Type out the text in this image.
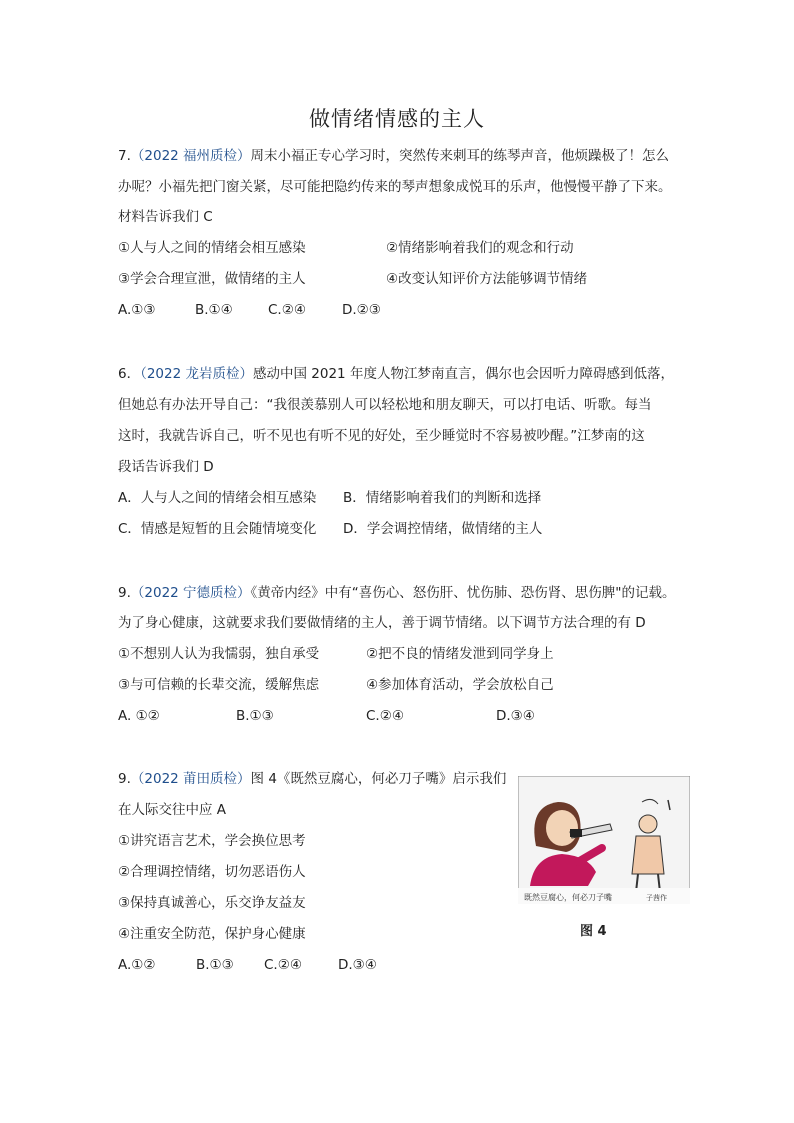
做情绪情感的主人
7.（2022 福州质检）周末小福正专心学习时，突然传来刺耳的练琴声音，他烦躁极了！怎么
办呢？小福先把门窗关紧，尽可能把隐约传来的琴声想象成悦耳的乐声，他慢慢平静了下来。
材料告诉我们 C
①人与人之间的情绪会相互感染	②情绪影响着我们的观念和行动
③学会合理宣泄，做情绪的主人	④改变认知评价方法能够调节情绪
A.①③	B.①④	C.②④	D.②③
6．（2022 龙岩质检）感动中国 2021 年度人物江梦南直言，偶尔也会因听力障碍感到低落，
但她总有办法开导自己：“我很羡慕别人可以轻松地和朋友聊天，可以打电话、听歌。每当
这时，我就告诉自己，听不见也有听不见的好处，至少睡觉时不容易被吵醒。”江梦南的这
段话告诉我们 D
A．人与人之间的情绪会相互感染 B．情绪影响着我们的判断和选择
C．情感是短暂的且会随情境变化 D．学会调控情绪，做情绪的主人
9.（2022 宁德质检）《黄帝内经》中有“喜伤心、怒伤肝、忧伤肺、恐伤肾、思伤脾"的记载。
为了身心健康，这就要求我们要做情绪的主人，善于调节情绪。以下调节方法合理的有 D
①不想别人认为我懦弱，独自承受	②把不良的情绪发泄到同学身上
③与可信赖的长辈交流，缓解焦虑	④参加体育活动，学会放松自己
A. ①②	B.①③	C.②④	D.③④
9.（2022 莆田质检）图 4《既然豆腐心，何必刀子嘴》启示我们
在人际交往中应 A
①讲究语言艺术，学会换位思考
②合理调控情绪，切勿恶语伤人
③保持真诚善心，乐交诤友益友
④注重安全防范，保护身心健康
A.①②	B.①③ C.②④	D.③④
既然豆腐心，何必刀子嘴	子茜作
图 4
